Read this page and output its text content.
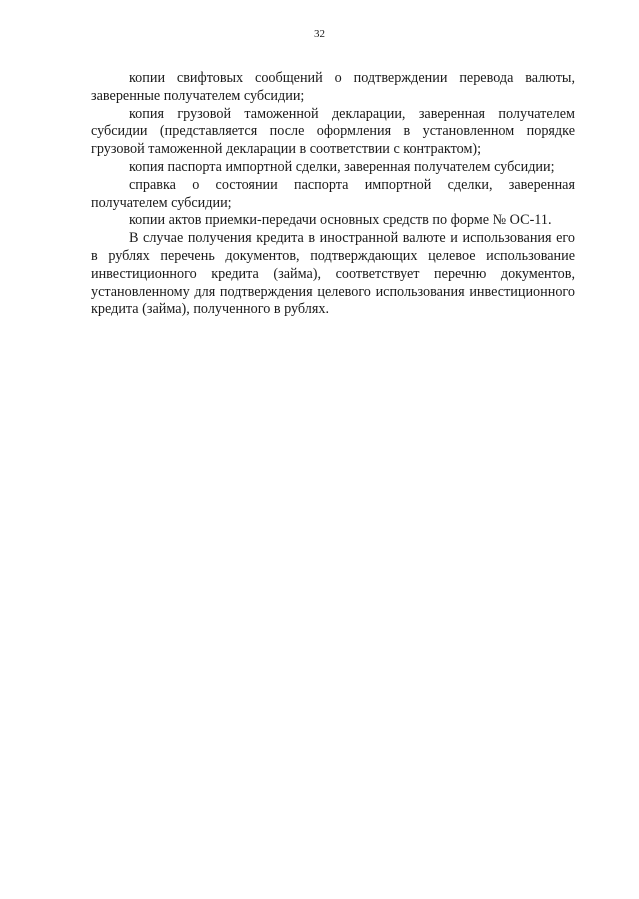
32

копии свифтовых сообщений о подтверждении перевода валюты, заверенные получателем субсидии;

копия грузовой таможенной декларации, заверенная получателем субсидии (представляется после оформления в установленном порядке грузовой таможенной декларации в соответствии с контрактом);

копия паспорта импортной сделки, заверенная получателем субсидии;

справка о состоянии паспорта импортной сделки, заверенная получателем субсидии;

копии актов приемки-передачи основных средств по форме № ОС-11.

В случае получения кредита в иностранной валюте и использования его в рублях перечень документов, подтверждающих целевое использование инвестиционного кредита (займа), соответствует перечню документов, установленному для подтверждения целевого использования инвестиционного кредита (займа), полученного в рублях.
